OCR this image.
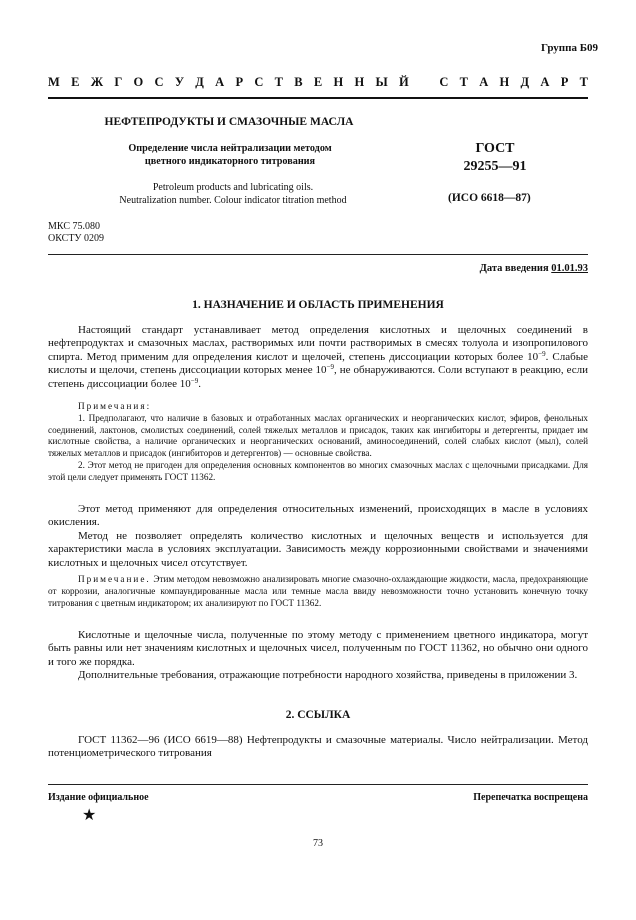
Группа Б09
М Е Ж Г О С У Д А Р С Т В Е Н Н Ы Й С Т А Н Д А Р Т
НЕФТЕПРОДУКТЫ И СМАЗОЧНЫЕ МАСЛА
Определение числа нейтрализации методом
цветного индикаторного титрования
ГОСТ
29255—91
Petroleum products and lubricating oils.
Neutralization number. Colour indicator titration method	(ИСО 6618—87)
МКС 75.080
ОКСТУ 0209
Дата введения 01.01.93
1. НАЗНАЧЕНИЕ И ОБЛАСТЬ ПРИМЕНЕНИЯ

Настоящий стандарт устанавливает метод определения кислотных и щелочных соединений в нефтепродуктах и смазочных маслах, растворимых или почти растворимых в смесях толуола и изопропилового спирта. Метод применим для определения кислот и щелочей, степень диссоциации которых более $10^{-9}$. Слабые кислоты и щелочи, степень диссоциации которых менее $10^{-9}$, не обнаруживаются. Соли вступают в реакцию, если степень диссоциации более $10^{-9}$.

Примечания:

1. Предполагают, что наличие в базовых и отработанных маслах органических и неорганических кислот, эфиров, фенольных соединений, лактонов, смолистых соединений, солей тяжелых металлов и присадок, таких как ингибиторы и детергенты, придает им кислотные свойства, а наличие органических и неорганических оснований, аминосоединений, солей слабых кислот (мыл), солей тяжелых металлов и присадок (ингибиторов и детергентов) — основные свойства.

2. Этот метод не пригоден для определения основных компонентов во многих смазочных маслах с щелочными присадками. Для этой цели следует применять ГОСТ 11362.

Этот метод применяют для определения относительных изменений, происходящих в масле в условиях окисления.

Метод не позволяет определять количество кислотных и щелочных веществ и используется для характеристики масла в условиях эксплуатации. Зависимость между коррозионными свойствами и значениями кислотных и щелочных чисел отсутствует.

Примечание. Этим методом невозможно анализировать многие смазочно-охлаждающие жидкости, масла, предохраняющие от коррозии, аналогичные компаундированные масла или темные масла ввиду невозможности точно установить конечную точку титрования с цветным индикатором; их анализируют по ГОСТ 11362.

Кислотные и щелочные числа, полученные по этому методу с применением цветного индикатора, могут быть равны или нет значениям кислотных и щелочных чисел, полученным по ГОСТ 11362, но обычно они одного и того же порядка.

Дополнительные требования, отражающие потребности народного хозяйства, приведены в приложении 3.

2. ССЫЛКА

ГОСТ 11362—96 (ИСО 6619—88) Нефтепродукты и смазочные материалы. Число нейтрализации. Метод потенциометрического титрования

Издание официальное	Перепечатка воспрещена
★
73
